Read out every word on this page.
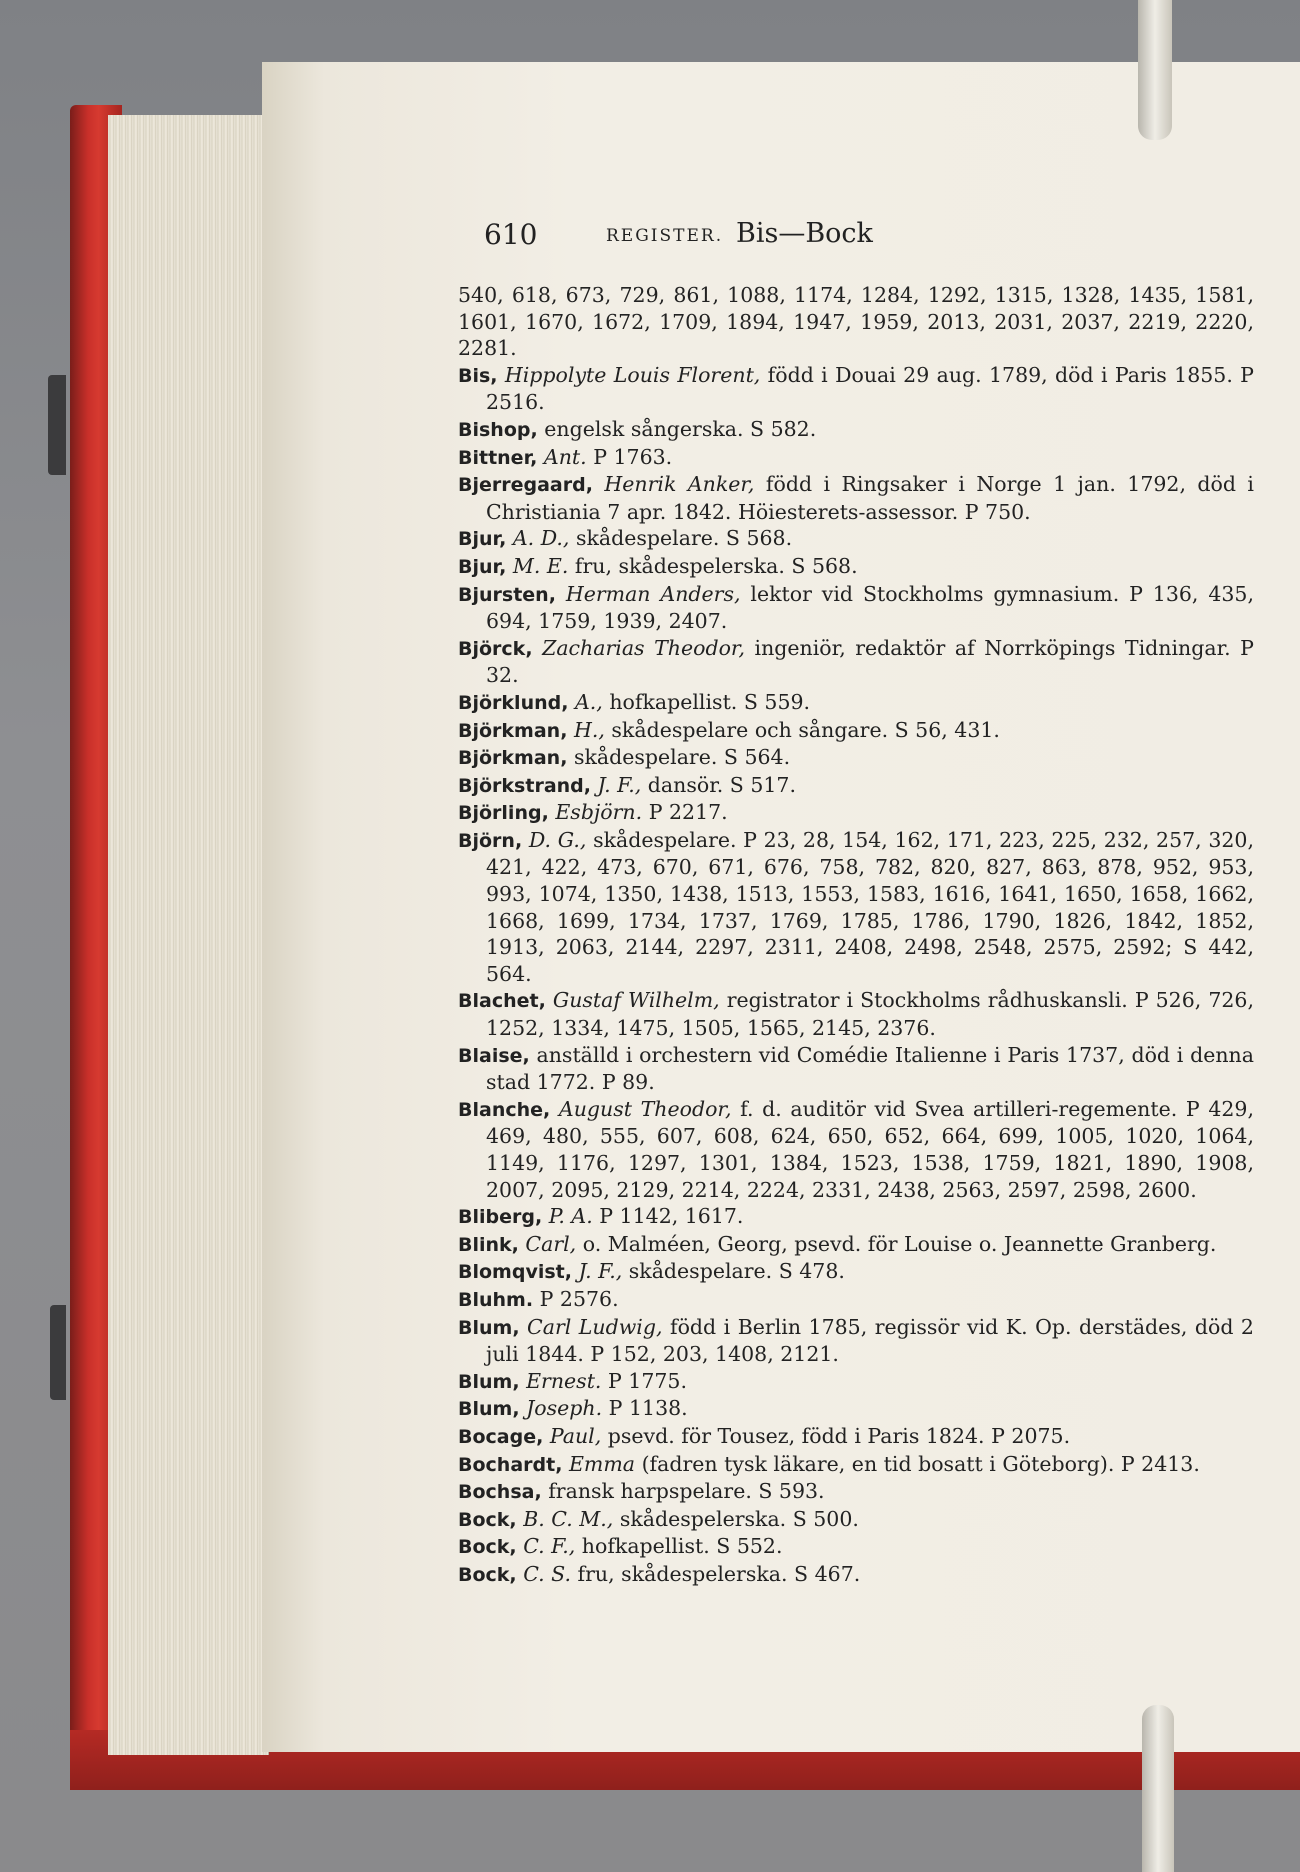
610	REGISTER. Bis—Bock
540, 618, 673, 729, 861, 1088, 1174, 1284, 1292, 1315, 1328, 1435, 1581, 1601, 1670, 1672, 1709, 1894, 1947, 1959, 2013, 2031, 2037, 2219, 2220, 2281.
Bis, Hippolyte Louis Florent, född i Douai 29 aug. 1789, död i Paris 1855. P 2516.
Bishop, engelsk sångerska. S 582.
Bittner, Ant. P 1763.
Bjerregaard, Henrik Anker, född i Ringsaker i Norge 1 jan. 1792, död i Christiania 7 apr. 1842. Höiesterets-assessor. P 750.
Bjur, A. D., skådespelare. S 568.
Bjur, M. E. fru, skådespelerska. S 568.
Bjursten, Herman Anders, lektor vid Stockholms gymnasium. P 136, 435, 694, 1759, 1939, 2407.
Björck, Zacharias Theodor, ingeniör, redaktör af Norrköpings Tidningar. P 32.
Björklund, A., hofkapellist. S 559.
Björkman, H., skådespelare och sångare. S 56, 431.
Björkman, skådespelare. S 564.
Björkstrand, J. F., dansör. S 517.
Björling, Esbjörn. P 2217.
Björn, D. G., skådespelare. P 23, 28, 154, 162, 171, 223, 225, 232, 257, 320, 421, 422, 473, 670, 671, 676, 758, 782, 820, 827, 863, 878, 952, 953, 993, 1074, 1350, 1438, 1513, 1553, 1583, 1616, 1641, 1650, 1658, 1662, 1668, 1699, 1734, 1737, 1769, 1785, 1786, 1790, 1826, 1842, 1852, 1913, 2063, 2144, 2297, 2311, 2408, 2498, 2548, 2575, 2592; S 442, 564.
Blachet, Gustaf Wilhelm, registrator i Stockholms rådhuskansli. P 526, 726, 1252, 1334, 1475, 1505, 1565, 2145, 2376.
Blaise, anställd i orchestern vid Comédie Italienne i Paris 1737, död i denna stad 1772. P 89.
Blanche, August Theodor, f. d. auditör vid Svea artilleri-regemente. P 429, 469, 480, 555, 607, 608, 624, 650, 652, 664, 699, 1005, 1020, 1064, 1149, 1176, 1297, 1301, 1384, 1523, 1538, 1759, 1821, 1890, 1908, 2007, 2095, 2129, 2214, 2224, 2331, 2438, 2563, 2597, 2598, 2600.
Bliberg, P. A. P 1142, 1617.
Blink, Carl, o. Malméen, Georg, psevd. för Louise o. Jeannette Granberg.
Blomqvist, J. F., skådespelare. S 478.
Bluhm. P 2576.
Blum, Carl Ludwig, född i Berlin 1785, regissör vid K. Op. derstädes, död 2 juli 1844. P 152, 203, 1408, 2121.
Blum, Ernest. P 1775.
Blum, Joseph. P 1138.
Bocage, Paul, psevd. för Tousez, född i Paris 1824. P 2075.
Bochardt, Emma (fadren tysk läkare, en tid bosatt i Göteborg). P 2413.
Bochsa, fransk harpspelare. S 593.
Bock, B. C. M., skådespelerska. S 500.
Bock, C. F., hofkapellist. S 552.
Bock, C. S. fru, skådespelerska. S 467.
